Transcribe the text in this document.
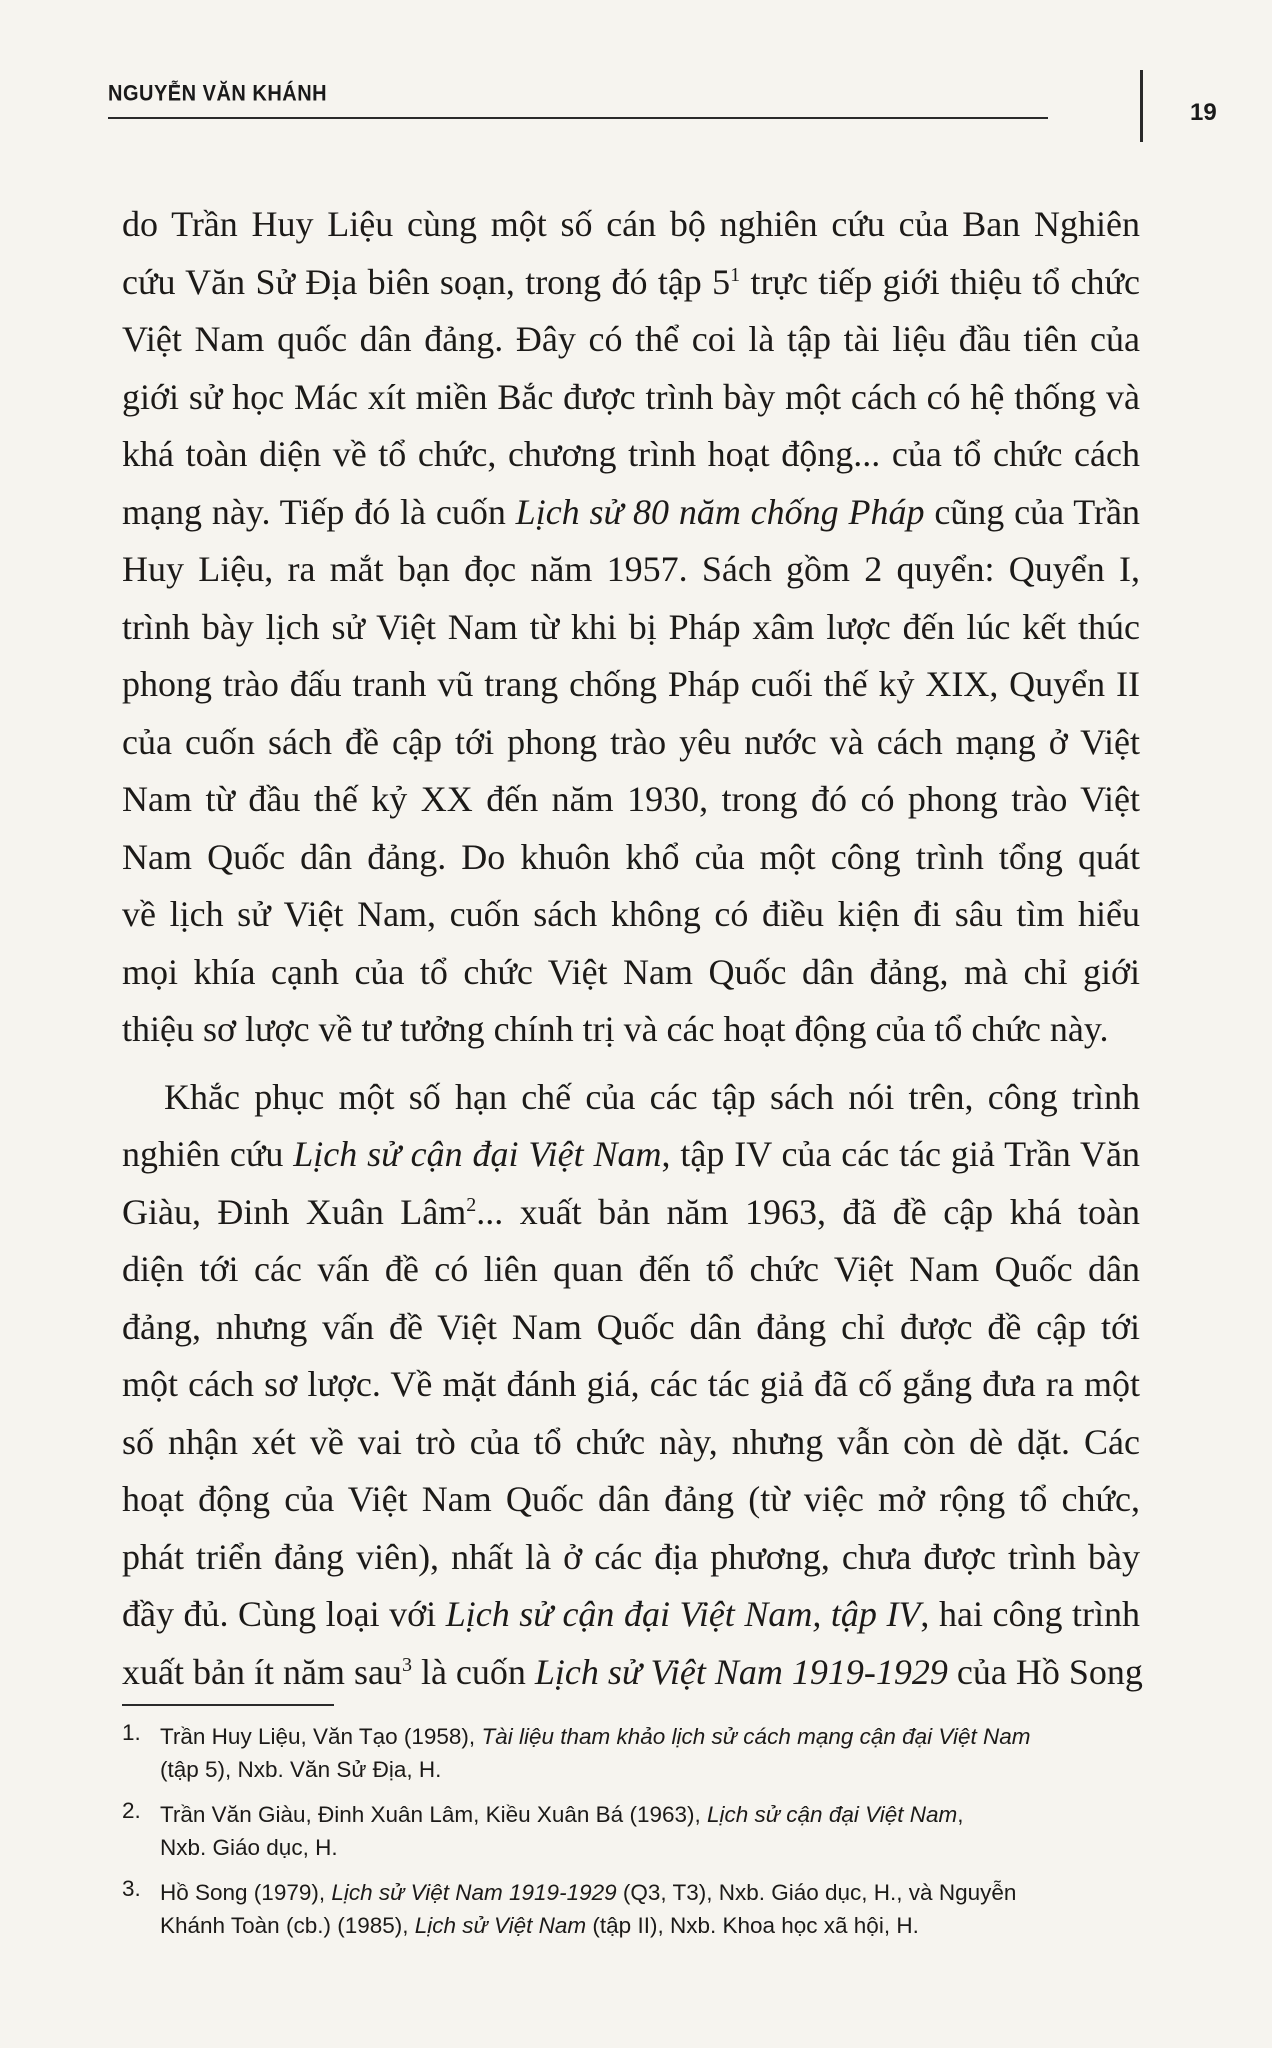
NGUYỄN VĂN KHÁNH
19
do Trần Huy Liệu cùng một số cán bộ nghiên cứu của Ban Nghiên
cứu Văn Sử Địa biên soạn, trong đó tập $5^1$ trực tiếp giới thiệu tổ chức
Việt Nam quốc dân đảng. Đây có thể coi là tập tài liệu đầu tiên của
giới sử học Mác xít miền Bắc được trình bày một cách có hệ thống và
khá toàn diện về tổ chức, chương trình hoạt động... của tổ chức cách
mạng này. Tiếp đó là cuốn Lịch sử 80 năm chống Pháp cũng của Trần
Huy Liệu, ra mắt bạn đọc năm 1957. Sách gồm 2 quyển: Quyển I,
trình bày lịch sử Việt Nam từ khi bị Pháp xâm lược đến lúc kết thúc
phong trào đấu tranh vũ trang chống Pháp cuối thế kỷ XIX, Quyển II
của cuốn sách đề cập tới phong trào yêu nước và cách mạng ở Việt
Nam từ đầu thế kỷ XX đến năm 1930, trong đó có phong trào Việt
Nam Quốc dân đảng. Do khuôn khổ của một công trình tổng quát
về lịch sử Việt Nam, cuốn sách không có điều kiện đi sâu tìm hiểu
mọi khía cạnh của tổ chức Việt Nam Quốc dân đảng, mà chỉ giới
thiệu sơ lược về tư tưởng chính trị và các hoạt động của tổ chức này.
Khắc phục một số hạn chế của các tập sách nói trên, công trình
nghiên cứu Lịch sử cận đại Việt Nam, tập IV của các tác giả Trần Văn
Giàu, Đinh Xuân Lâm$^2$... xuất bản năm 1963, đã đề cập khá toàn
diện tới các vấn đề có liên quan đến tổ chức Việt Nam Quốc dân
đảng, nhưng vấn đề Việt Nam Quốc dân đảng chỉ được đề cập tới
một cách sơ lược. Về mặt đánh giá, các tác giả đã cố gắng đưa ra một
số nhận xét về vai trò của tổ chức này, nhưng vẫn còn dè dặt. Các
hoạt động của Việt Nam Quốc dân đảng (từ việc mở rộng tổ chức,
phát triển đảng viên), nhất là ở các địa phương, chưa được trình bày
đầy đủ. Cùng loại với Lịch sử cận đại Việt Nam, tập IV, hai công trình
xuất bản ít năm sau$^3$ là cuốn Lịch sử Việt Nam 1919-1929 của Hồ Song
1. Trần Huy Liệu, Văn Tạo (1958), Tài liệu tham khảo lịch sử cách mạng cận đại Việt Nam
(tập 5), Nxb. Văn Sử Địa, H.
2. Trần Văn Giàu, Đinh Xuân Lâm, Kiều Xuân Bá (1963), Lịch sử cận đại Việt Nam,
Nxb. Giáo dục, H.
3. Hồ Song (1979), Lịch sử Việt Nam 1919-1929 (Q3, T3), Nxb. Giáo dục, H., và Nguyễn
Khánh Toàn (cb.) (1985), Lịch sử Việt Nam (tập II), Nxb. Khoa học xã hội, H.
